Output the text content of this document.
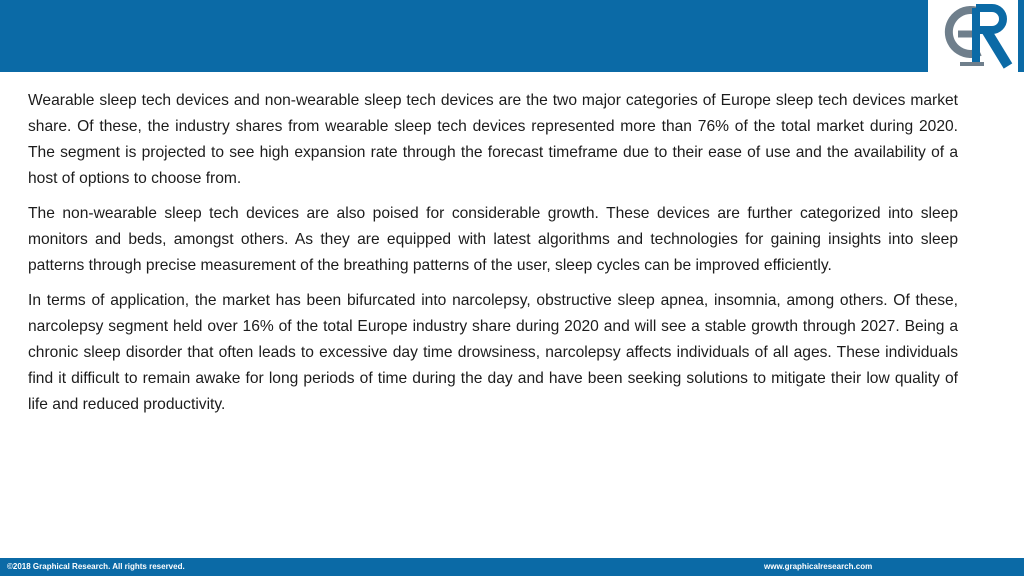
Wearable sleep tech devices and non-wearable sleep tech devices are the two major categories of Europe sleep tech devices market share. Of these, the industry shares from wearable sleep tech devices represented more than 76% of the total market during 2020. The segment is projected to see high expansion rate through the forecast timeframe due to their ease of use and the availability of a host of options to choose from.

The non-wearable sleep tech devices are also poised for considerable growth. These devices are further categorized into sleep monitors and beds, amongst others. As they are equipped with latest algorithms and technologies for gaining insights into sleep patterns through precise measurement of the breathing patterns of the user, sleep cycles can be improved efficiently.

In terms of application, the market has been bifurcated into narcolepsy, obstructive sleep apnea, insomnia, among others. Of these, narcolepsy segment held over 16% of the total Europe industry share during 2020 and will see a stable growth through 2027. Being a chronic sleep disorder that often leads to excessive day time drowsiness, narcolepsy affects individuals of all ages. These individuals find it difficult to remain awake for long periods of time during the day and have been seeking solutions to mitigate their low quality of life and reduced productivity.

©2018 Graphical Research. All rights reserved.	www.graphicalresearch.com
